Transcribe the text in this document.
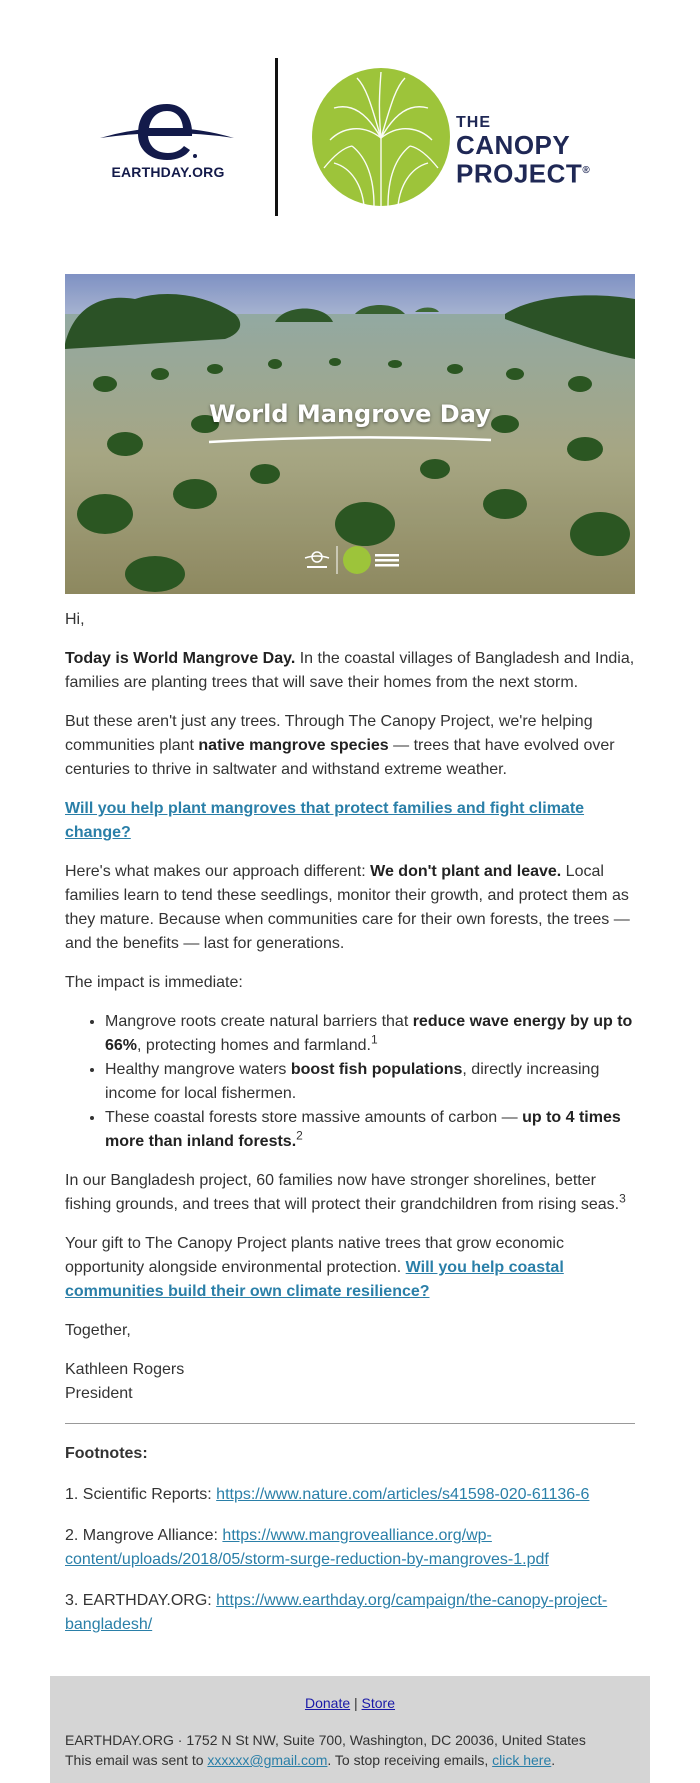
EARTHDAY.ORG
THE
CANOPY
PROJECT®
World Mangrove Day

Hi,

Today is World Mangrove Day. In the coastal villages of Bangladesh and India, families are planting trees that will save their homes from the next storm.

But these aren't just any trees. Through The Canopy Project, we're helping communities plant native mangrove species — trees that have evolved over centuries to thrive in saltwater and withstand extreme weather.

Will you help plant mangroves that protect families and fight climate change?

Here's what makes our approach different: We don't plant and leave. Local families learn to tend these seedlings, monitor their growth, and protect them as they mature. Because when communities care for their own forests, the trees — and the benefits — last for generations.

The impact is immediate:

• Mangrove roots create natural barriers that reduce wave energy by up to 66%, protecting homes and farmland.$^1$
• Healthy mangrove waters boost fish populations, directly increasing income for local fishermen.
• These coastal forests store massive amounts of carbon — up to 4 times more than inland forests.$^2$

In our Bangladesh project, 60 families now have stronger shorelines, better fishing grounds, and trees that will protect their grandchildren from rising seas.$^3$

Your gift to The Canopy Project plants native trees that grow economic opportunity alongside environmental protection. Will you help coastal communities build their own climate resilience?

Together,

Kathleen Rogers

President

Footnotes:
1. Scientific Reports: https://www.nature.com/articles/s41598-020-61136-6
2. Mangrove Alliance: https://www.mangrovealliance.org/wp-content/uploads/2018/05/storm-surge-reduction-by-mangroves-1.pdf
3. EARTHDAY.ORG: https://www.earthday.org/campaign/the-canopy-project-bangladesh/
Donate | Store
EARTHDAY.ORG · 1752 N St NW, Suite 700, Washington, DC 20036, United States
This email was sent to xxxxxx@gmail.com. To stop receiving emails, click here.
